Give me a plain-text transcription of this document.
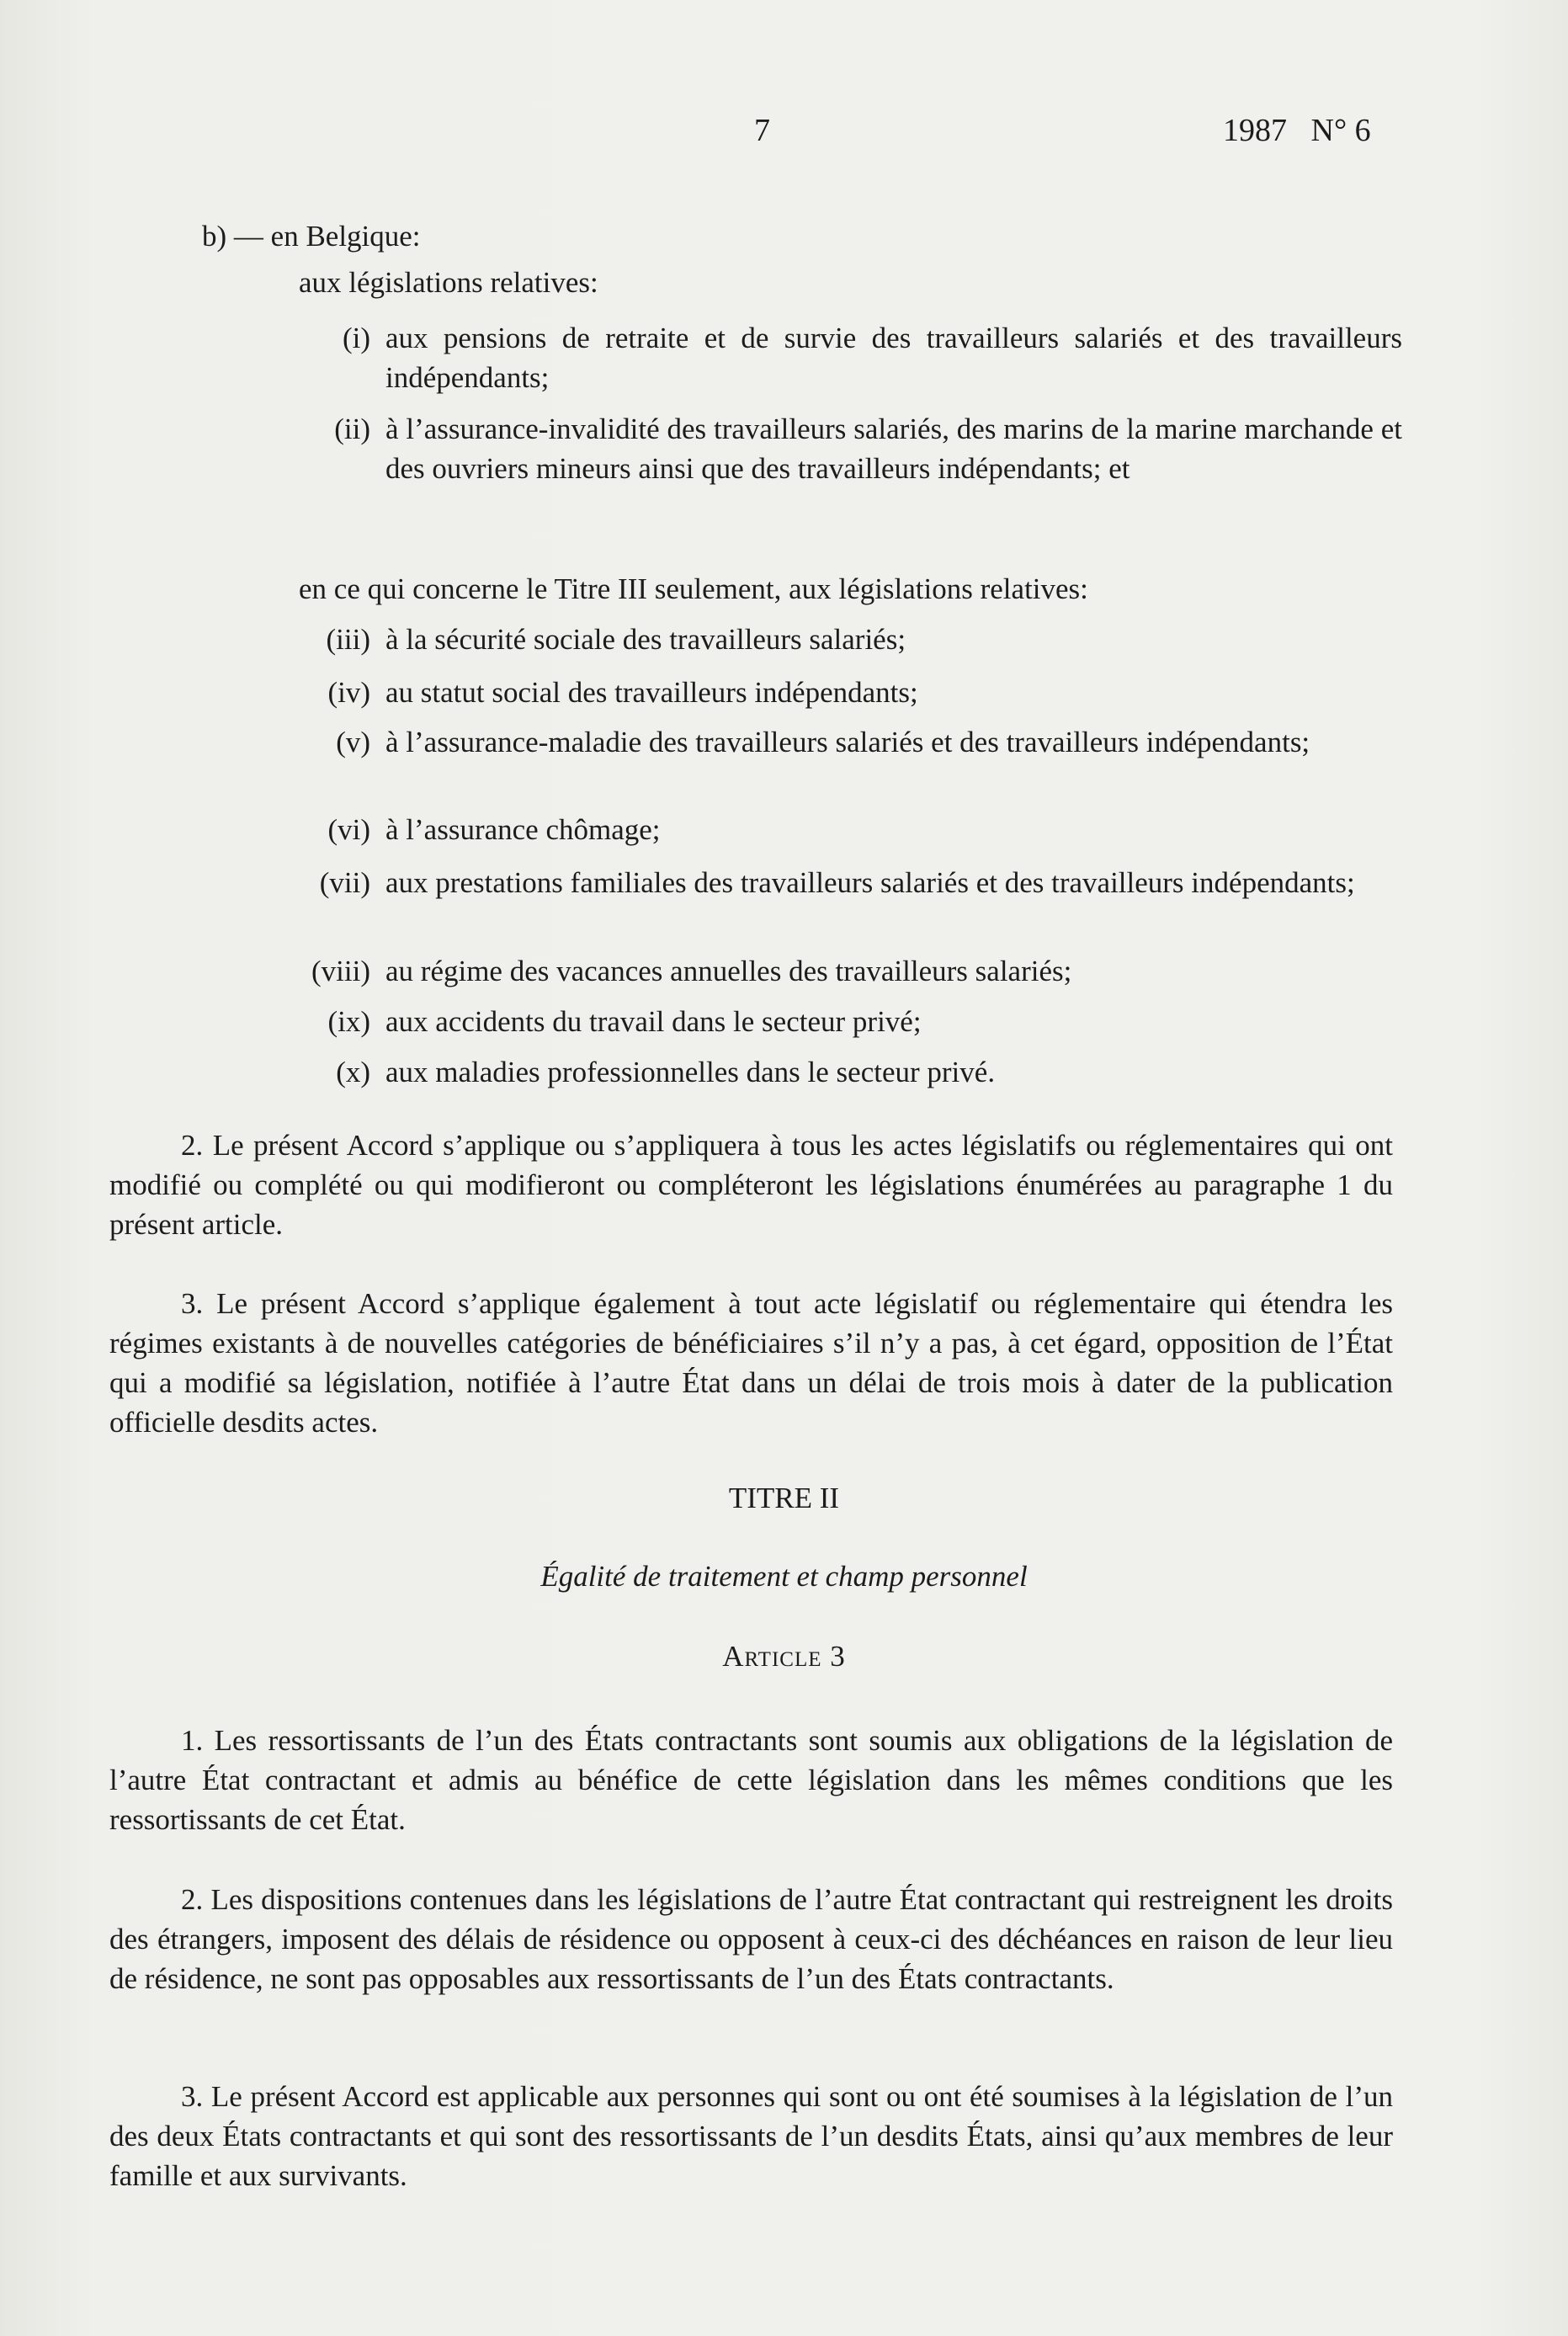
7	1987   N° 6
b) — en Belgique:
aux législations relatives:
(i) aux pensions de retraite et de survie des travailleurs salariés et des travailleurs indépendants;
(ii) à l’assurance-invalidité des travailleurs salariés, des marins de la marine marchande et des ouvriers mineurs ainsi que des travailleurs indépendants; et
en ce qui concerne le Titre III seulement, aux législations relatives:
(iii) à la sécurité sociale des travailleurs salariés;
(iv) au statut social des travailleurs indépendants;
(v) à l’assurance-maladie des travailleurs salariés et des travailleurs indépendants;
(vi) à l’assurance chômage;
(vii) aux prestations familiales des travailleurs salariés et des travailleurs indépendants;
(viii) au régime des vacances annuelles des travailleurs salariés;
(ix) aux accidents du travail dans le secteur privé;
(x) aux maladies professionnelles dans le secteur privé.
2. Le présent Accord s’applique ou s’appliquera à tous les actes législatifs ou réglementaires qui ont modifié ou complété ou qui modifieront ou compléteront les législations énumérées au paragraphe 1 du présent article.
3. Le présent Accord s’applique également à tout acte législatif ou réglementaire qui étendra les régimes existants à de nouvelles catégories de bénéficiaires s’il n’y a pas, à cet égard, opposition de l’État qui a modifié sa législation, notifiée à l’autre État dans un délai de trois mois à dater de la publication officielle desdits actes.
TITRE II
Égalité de traitement et champ personnel
Article 3
1. Les ressortissants de l’un des États contractants sont soumis aux obligations de la législation de l’autre État contractant et admis au bénéfice de cette législation dans les mêmes conditions que les ressortissants de cet État.
2. Les dispositions contenues dans les législations de l’autre État contractant qui restreignent les droits des étrangers, imposent des délais de résidence ou opposent à ceux-ci des déchéances en raison de leur lieu de résidence, ne sont pas opposables aux ressortissants de l’un des États contractants.
3. Le présent Accord est applicable aux personnes qui sont ou ont été soumises à la législation de l’un des deux États contractants et qui sont des ressortissants de l’un desdits États, ainsi qu’aux membres de leur famille et aux survivants.
